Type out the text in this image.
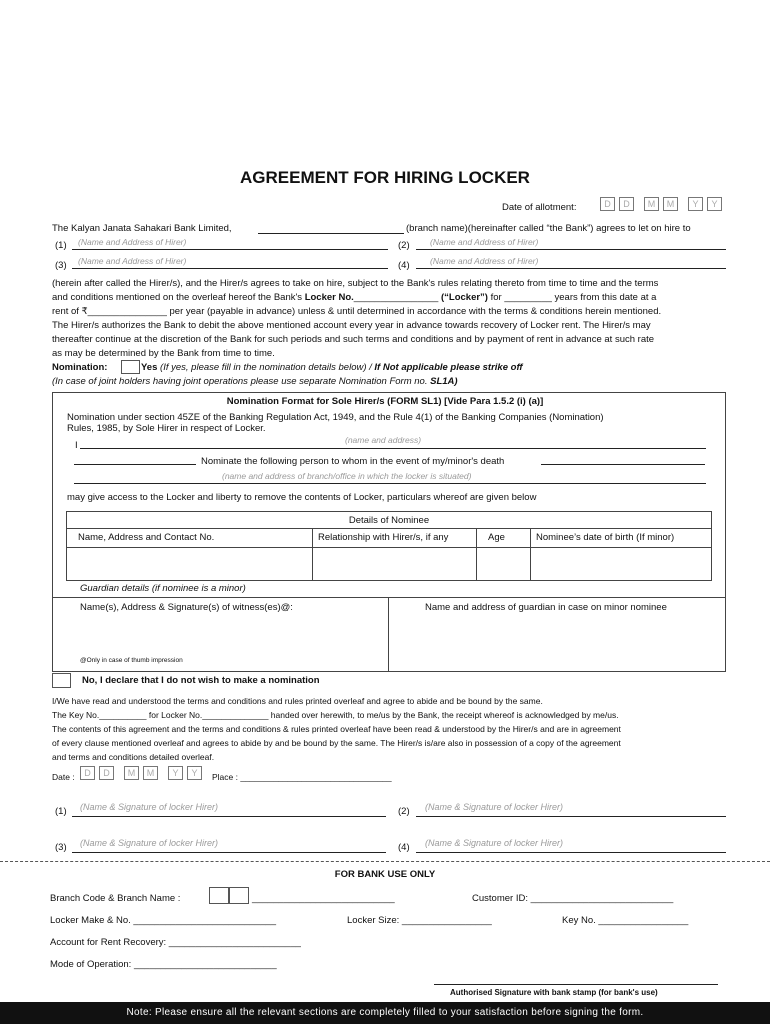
AGREEMENT FOR HIRING LOCKER
Date of allotment:	D	D	M	M	Y	Y
The Kalyan Janata Sahakari Bank Limited,	(branch name)(hereinafter called “the Bank”) agrees to let on hire to
(1) (Name and Address of Hirer)	(2) (Name and Address of Hirer)
(3) (Name and Address of Hirer)	(4) (Name and Address of Hirer)
(herein after called the Hirer/s), and the Hirer/s agrees to take on hire, subject to the Bank's rules relating thereto from time to time and the terms
and conditions mentioned on the overleaf hereof the Bank's Locker No.________________ (“Locker”) for _________ years from this date at a
rent of ₹_______________ per year (payable in advance) unless & until determined in accordance with the terms & conditions herein mentioned.
The Hirer/s authorizes the Bank to debit the above mentioned account every year in advance towards recovery of Locker rent. The Hirer/s may
thereafter continue at the discretion of the Bank for such periods and such terms and conditions and by payment of rent in advance at such rate
as may be determined by the Bank from time to time.
Nomination:	Yes (If yes, please fill in the nomination details below) / If Not applicable please strike off
(In case of joint holders having joint operations please use separate Nomination Form no. SL1A)
Nomination Format for Sole Hirer/s (FORM SL1) [Vide Para 1.5.2 (i) (a)]
Nomination under section 45ZE of the Banking Regulation Act, 1949, and the Rule 4(1) of the Banking Companies (Nomination)
Rules, 1985, by Sole Hirer in respect of Locker.
I	(name and address)
Nominate the following person to whom in the event of my/minor's death
(name and address of branch/office in which the locker is situated)
may give access to the Locker and liberty to remove the contents of Locker, particulars whereof are given below
Details of Nominee
Name, Address and Contact No.	Relationship with Hirer/s, if any	Age	Nominee’s date of birth (If minor)
Guardian details (if nominee is a minor)
Name(s), Address & Signature(s) of witness(es)@:	Name and address of guardian in case on minor nominee
@Only in case of thumb impression
No, I declare that I do not wish to make a nomination
I/We have read and understood the terms and conditions and rules printed overleaf and agree to abide and be bound by the same.
The Key No.__________ for Locker No.______________ handed over herewith, to me/us by the Bank, the receipt whereof is acknowledged by me/us.
The contents of this agreement and the terms and conditions & rules printed overleaf have been read & understood by the Hirer/s and are in agreement
of every clause mentioned overleaf and agrees to abide by and be bound by the same. The Hirer/s is/are also in possession of a copy of the agreement
and terms and conditions detailed overleaf.
Date :	D	D	M	M	Y	Y	Place : ________________________________
(1) (Name & Signature of locker Hirer)	(2) (Name & Signature of locker Hirer)
(3) (Name & Signature of locker Hirer)	(4) (Name & Signature of locker Hirer)
FOR BANK USE ONLY
Branch Code & Branch Name :	___________________________	Customer ID: ___________________________
Locker Make & No. ___________________________	Locker Size: _________________	Key No. _________________
Account for Rent Recovery: _________________________
Mode of Operation: ___________________________
Authorised Signature with bank stamp (for bank's use)
Note: Please ensure all the relevant sections are completely filled to your satisfaction before signing the form.
